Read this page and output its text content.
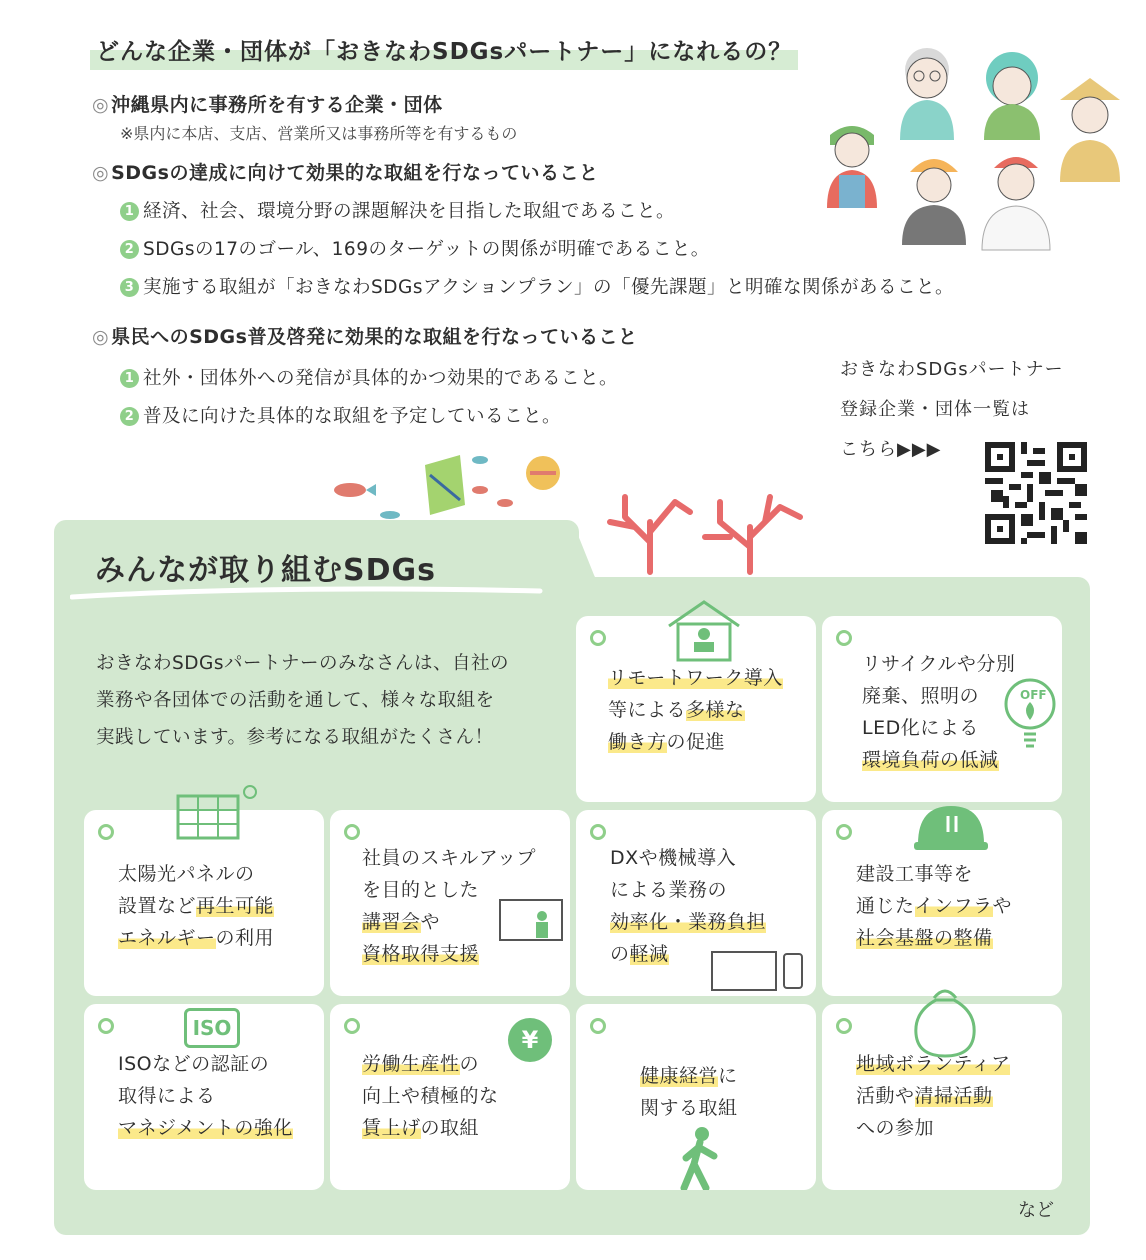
どんな企業・団体が「おきなわSDGsパートナー」になれるの？
◎ 沖縄県内に事務所を有する企業・団体
※県内に本店、支店、営業所又は事務所等を有するもの
◎ SDGsの達成に向けて効果的な取組を行なっていること
1 経済、社会、環境分野の課題解決を目指した取組であること。
2 SDGsの17のゴール、169のターゲットの関係が明確であること。
3 実施する取組が「おきなわSDGsアクションプラン」の「優先課題」と明確な関係があること。
◎ 県民へのSDGs普及啓発に効果的な取組を行なっていること
1 社外・団体外への発信が具体的かつ効果的であること。
2 普及に向けた具体的な取組を予定していること。
おきなわSDGsパートナー
登録企業・団体一覧は
こちら▶▶▶
みんなが取り組むSDGs
おきなわSDGsパートナーのみなさんは、自社の
業務や各団体での活動を通して、様々な取組を
実践しています。参考になる取組がたくさん！
リモートワーク導入
等による多様な
働き方の促進
リサイクルや分別
廃棄、照明の
LED化による
環境負荷の低減
OFF
太陽光パネルの
設置など再生可能
エネルギーの利用
社員のスキルアップ
を目的とした
講習会や
資格取得支援
DXや機械導入
による業務の
効率化・業務負担
の軽減
建設工事等を
通じたインフラや
社会基盤の整備
ISO
ISOなどの認証の
取得による
マネジメントの強化
¥
労働生産性の
向上や積極的な
賃上げの取組
健康経営に
関する取組
地域ボランティア
活動や清掃活動
への参加
など
